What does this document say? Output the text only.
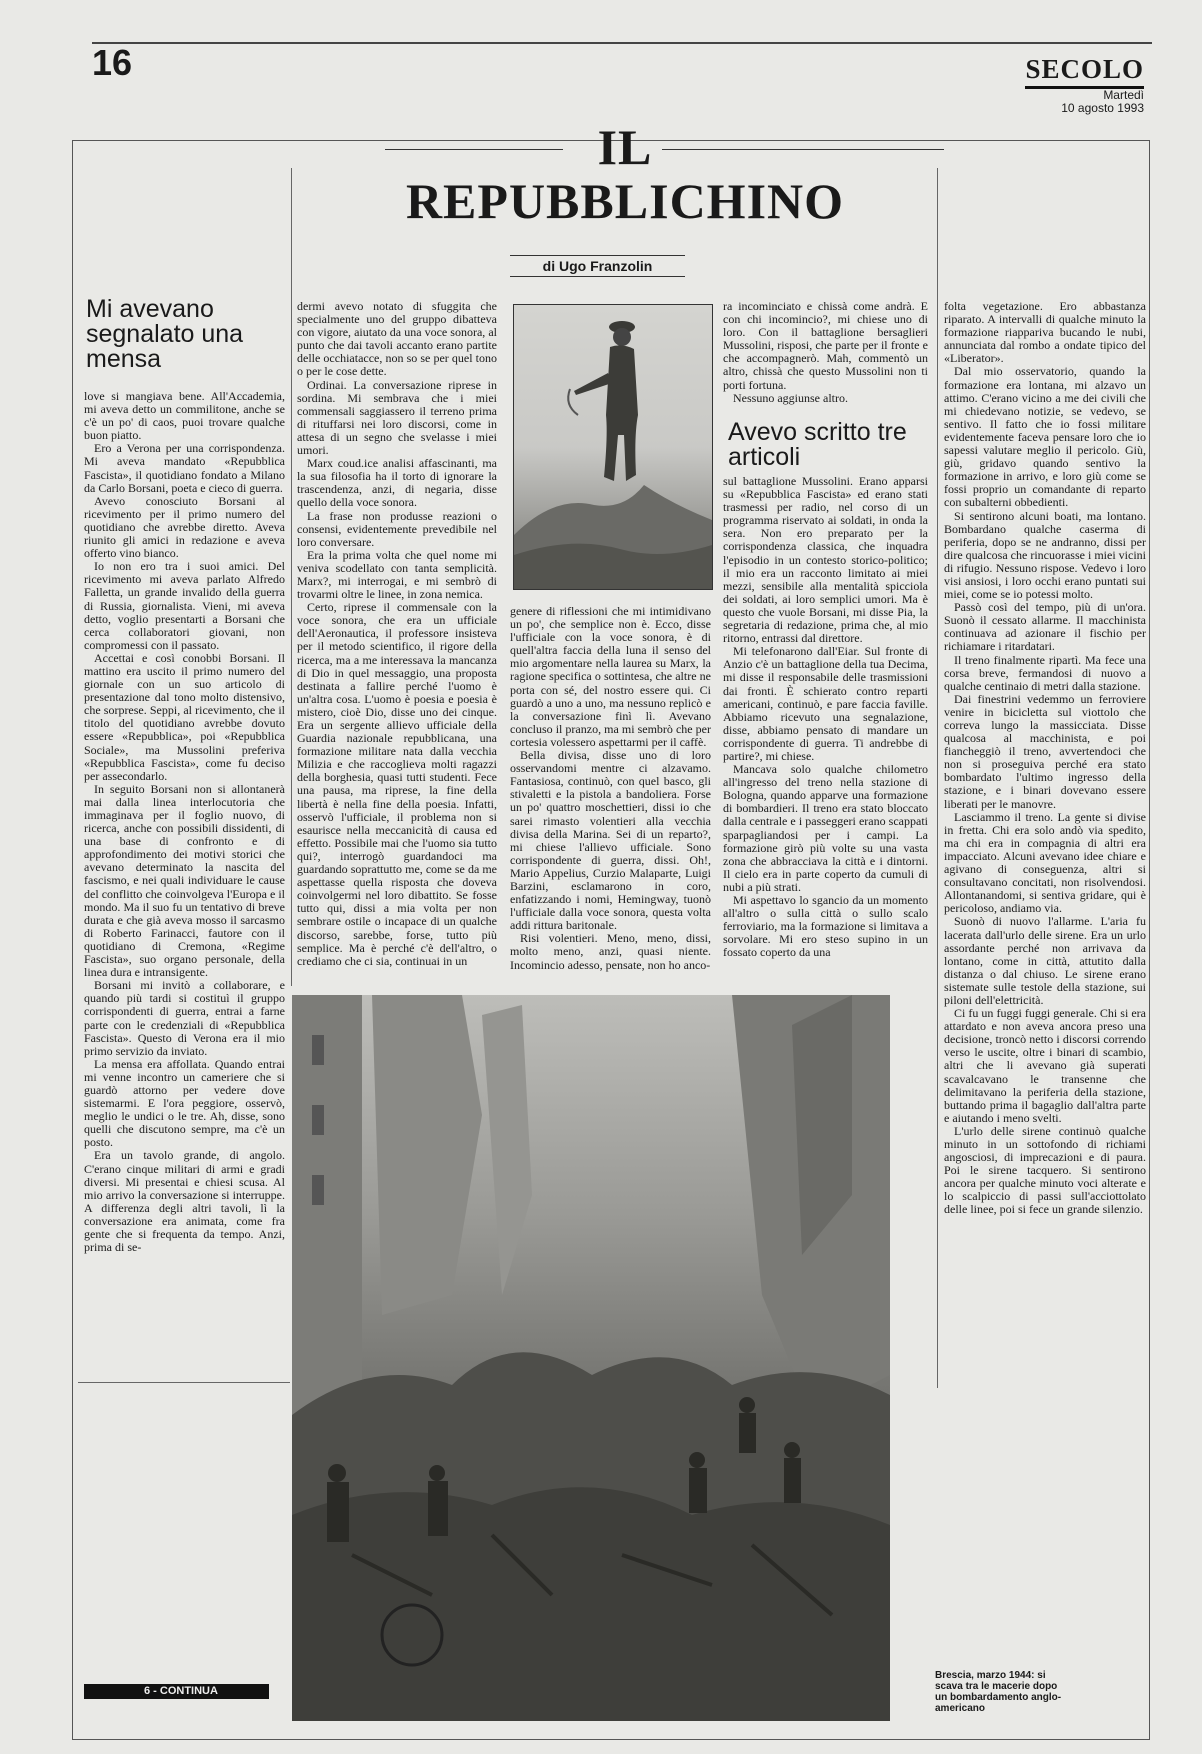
16	SECOLO
Martedì
10 agosto 1993
IL
REPUBBLICHINO
di Ugo Franzolin
Mi avevano segnalato una mensa

love si mangiava bene. All'Accademia, mi aveva detto un commilitone, anche se c'è un po' di caos, puoi trovare qualche buon piatto.

Ero a Verona per una corrispondenza. Mi aveva mandato «Repubblica Fascista», il quotidiano fondato a Milano da Carlo Borsani, poeta e cieco di guerra.

Avevo conosciuto Borsani al ricevimento per il primo numero del quotidiano che avrebbe diretto. Aveva riunito gli amici in redazione e aveva offerto vino bianco.

Io non ero tra i suoi amici. Del ricevimento mi aveva parlato Alfredo Falletta, un grande invalido della guerra di Russia, giornalista. Vieni, mi aveva detto, voglio presentarti a Borsani che cerca collaboratori giovani, non compromessi con il passato.

Accettai e così conobbi Borsani. Il mattino era uscito il primo numero del giornale con un suo articolo di presentazione dal tono molto distensivo, che sorprese. Seppi, al ricevimento, che il titolo del quotidiano avrebbe dovuto essere «Repubblica», poi «Repubblica Sociale», ma Mussolini preferiva «Repubblica Fascista», come fu deciso per assecondarlo.

In seguito Borsani non si allontanerà mai dalla linea interlocutoria che immaginava per il foglio nuovo, di ricerca, anche con possibili dissidenti, di una base di confronto e di approfondimento dei motivi storici che avevano determinato la nascita del fascismo, e nei quali individuare le cause del conflitto che coinvolgeva l'Europa e il mondo. Ma il suo fu un tentativo di breve durata e che già aveva mosso il sarcasmo di Roberto Farinacci, fautore con il quotidiano di Cremona, «Regime Fascista», suo organo personale, della linea dura e intransigente.

Borsani mi invitò a collaborare, e quando più tardi si costituì il gruppo corrispondenti di guerra, entrai a farne parte con le credenziali di «Repubblica Fascista». Questo di Verona era il mio primo servizio da inviato.

La mensa era affollata. Quando entrai mi venne incontro un cameriere che si guardò attorno per vedere dove sistemarmi. E l'ora peggiore, osservò, meglio le undici o le tre. Ah, disse, sono quelli che discutono sempre, ma c'è un posto.

Era un tavolo grande, di angolo. C'erano cinque militari di armi e gradi diversi. Mi presentai e chiesi scusa. Al mio arrivo la conversazione si interruppe. A differenza degli altri tavoli, lì la conversazione era animata, come fra gente che si frequenta da tempo. Anzi, prima di se-

dermi avevo notato di sfuggita che specialmente uno del gruppo dibatteva con vigore, aiutato da una voce sonora, al punto che dai tavoli accanto erano partite delle occhiatacce, non so se per quel tono o per le cose dette.

Ordinai. La conversazione riprese in sordina. Mi sembrava che i miei commensali saggiassero il terreno prima di rituffarsi nei loro discorsi, come in attesa di un segno che svelasse i miei umori.

Marx coud.ice analisi affascinanti, ma la sua filosofia ha il torto di ignorare la trascendenza, anzi, di negaria, disse quello della voce sonora.

La frase non produsse reazioni o consensi, evidentemente prevedibile nel loro conversare.

Era la prima volta che quel nome mi veniva scodellato con tanta semplicità. Marx?, mi interrogai, e mi sembrò di trovarmi oltre le linee, in zona nemica.

Certo, riprese il commensale con la voce sonora, che era un ufficiale dell'Aeronautica, il professore insisteva per il metodo scientifico, il rigore della ricerca, ma a me interessava la mancanza di Dio in quel messaggio, una proposta destinata a fallire perché l'uomo è un'altra cosa. L'uomo è poesia e poesia è mistero, cioè Dio, disse uno dei cinque. Era un sergente allievo ufficiale della Guardia nazionale repubblicana, una formazione militare nata dalla vecchia Milizia e che raccoglieva molti ragazzi della borghesia, quasi tutti studenti. Fece una pausa, ma riprese, la fine della libertà è nella fine della poesia. Infatti, osservò l'ufficiale, il problema non si esaurisce nella meccanicità di causa ed effetto. Possibile mai che l'uomo sia tutto qui?, interrogò guardandoci ma guardando soprattutto me, come se da me aspettasse quella risposta che doveva coinvolgermi nel loro dibattito. Se fosse tutto qui, dissi a mia volta per non sembrare ostile o incapace di un qualche discorso, sarebbe, forse, tutto più semplice. Ma è perché c'è dell'altro, o crediamo che ci sia, continuai in un

genere di riflessioni che mi intimidivano un po', che semplice non è. Ecco, disse l'ufficiale con la voce sonora, è di quell'altra faccia della luna il senso del mio argomentare nella laurea su Marx, la ragione specifica o sottintesa, che altre ne porta con sé, del nostro essere qui. Ci guardò a uno a uno, ma nessuno replicò e la conversazione finì lì. Avevano concluso il pranzo, ma mi sembrò che per cortesia volessero aspettarmi per il caffè.

Bella divisa, disse uno di loro osservandomi mentre ci alzavamo. Fantasiosa, continuò, con quel basco, gli stivaletti e la pistola a bandoliera. Forse un po' quattro moschettieri, dissi io che sarei rimasto volentieri alla vecchia divisa della Marina. Sei di un reparto?, mi chiese l'allievo ufficiale. Sono corrispondente di guerra, dissi. Oh!, Mario Appelius, Curzio Malaparte, Luigi Barzini, esclamarono in coro, enfatizzando i nomi, Hemingway, tuonò l'ufficiale dalla voce sonora, questa volta addi rittura baritonale.

Risi volentieri. Meno, meno, dissi, molto meno, anzi, quasi niente. Incomincio adesso, pensate, non ho anco-

ra incominciato e chissà come andrà. E con chi incomincio?, mi chiese uno di loro. Con il battaglione bersaglieri Mussolini, risposi, che parte per il fronte e che accompagnerò. Mah, commentò un altro, chissà che questo Mussolini non ti porti fortuna.

Nessuno aggiunse altro.

Avevo scritto tre articoli

sul battaglione Mussolini. Erano apparsi su «Repubblica Fascista» ed erano stati trasmessi per radio, nel corso di un programma riservato ai soldati, in onda la sera. Non ero preparato per la corrispondenza classica, che inquadra l'episodio in un contesto storico-politico; il mio era un racconto limitato ai miei mezzi, sensibile alla mentalità spicciola dei soldati, ai loro semplici umori. Ma è questo che vuole Borsani, mi disse Pia, la segretaria di redazione, prima che, al mio ritorno, entrassi dal direttore.

Mi telefonarono dall'Eiar. Sul fronte di Anzio c'è un battaglione della tua Decima, mi disse il responsabile delle trasmissioni dai fronti. È schierato contro reparti americani, continuò, e pare faccia faville. Abbiamo ricevuto una segnalazione, disse, abbiamo pensato di mandare un corrispondente di guerra. Ti andrebbe di partire?, mi chiese.

Mancava solo qualche chilometro all'ingresso del treno nella stazione di Bologna, quando apparve una formazione di bombardieri. Il treno era stato bloccato dalla centrale e i passeggeri erano scappati sparpagliandosi per i campi. La formazione girò più volte su una vasta zona che abbracciava la città e i dintorni. Il cielo era in parte coperto da cumuli di nubi a più strati.

Mi aspettavo lo sgancio da un momento all'altro o sulla città o sullo scalo ferroviario, ma la formazione si limitava a sorvolare. Mi ero steso supino in un fossato coperto da una

folta vegetazione. Ero abbastanza riparato. A intervalli di qualche minuto la formazione riappariva bucando le nubi, annunciata dal rombo a ondate tipico del «Liberator».

Dal mio osservatorio, quando la formazione era lontana, mi alzavo un attimo. C'erano vicino a me dei civili che mi chiedevano notizie, se vedevo, se sentivo. Il fatto che io fossi militare evidentemente faceva pensare loro che io sapessi valutare meglio il pericolo. Giù, giù, gridavo quando sentivo la formazione in arrivo, e loro giù come se fossi proprio un comandante di reparto con subalterni obbedienti.

Si sentirono alcuni boati, ma lontano. Bombardano qualche caserma di periferia, dopo se ne andranno, dissi per dire qualcosa che rincuorasse i miei vicini di rifugio. Nessuno rispose. Vedevo i loro visi ansiosi, i loro occhi erano puntati sui miei, come se io potessi molto.

Passò così del tempo, più di un'ora. Suonò il cessato allarme. Il macchinista continuava ad azionare il fischio per richiamare i ritardatari.

Il treno finalmente ripartì. Ma fece una corsa breve, fermandosi di nuovo a qualche centinaio di metri dalla stazione.

Dai finestrini vedemmo un ferroviere venire in bicicletta sul viottolo che correva lungo la massicciata. Disse qualcosa al macchinista, e poi fiancheggiò il treno, avvertendoci che non si proseguiva perché era stato bombardato l'ultimo ingresso della stazione, e i binari dovevano essere liberati per le manovre.

Lasciammo il treno. La gente si divise in fretta. Chi era solo andò via spedito, ma chi era in compagnia di altri era impacciato. Alcuni avevano idee chiare e agivano di conseguenza, altri si consultavano concitati, non risolvendosi. Allontanandomi, si sentiva gridare, qui è pericoloso, andiamo via.

Suonò di nuovo l'allarme. L'aria fu lacerata dall'urlo delle sirene. Era un urlo assordante perché non arrivava da lontano, come in città, attutito dalla distanza o dal chiuso. Le sirene erano sistemate sulle testole della stazione, sui piloni dell'elettricità.

Ci fu un fuggi fuggi generale. Chi si era attardato e non aveva ancora preso una decisione, troncò netto i discorsi correndo verso le uscite, oltre i binari di scambio, altri che li avevano già superati scavalcavano le transenne che delimitavano la periferia della stazione, buttando prima il bagaglio dall'altra parte e aiutando i meno svelti.

L'urlo delle sirene continuò qualche minuto in un sottofondo di richiami angosciosi, di imprecazioni e di paura. Poi le sirene tacquero. Si sentirono ancora per qualche minuto voci alterate e lo scalpiccio di passi sull'acciottolato delle linee, poi si fece un grande silenzio.

Brescia, marzo 1944: si scava tra le macerie dopo un bombardamento anglo-americano
6 - CONTINUA
